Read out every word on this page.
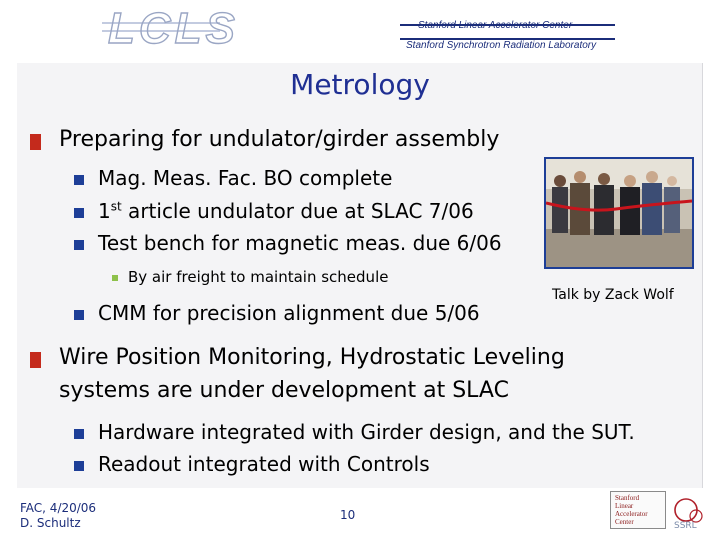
LCLS	Stanford Linear Accelerator Center
Stanford Synchrotron Radiation Laboratory
Metrology
Preparing for undulator/girder assembly
Mag. Meas. Fac. BO complete
1st article undulator due at SLAC 7/06
Test bench for magnetic meas. due 6/06
By air freight to maintain schedule
CMM for precision alignment due 5/06
Talk by Zack Wolf
Wire Position Monitoring, Hydrostatic Leveling
systems are under development at SLAC
Hardware integrated with Girder design, and the SUT.
Readout integrated with Controls
FAC, 4/20/06
D. Schultz
10
Stanford
Linear
Accelerator
Center	SSRL
